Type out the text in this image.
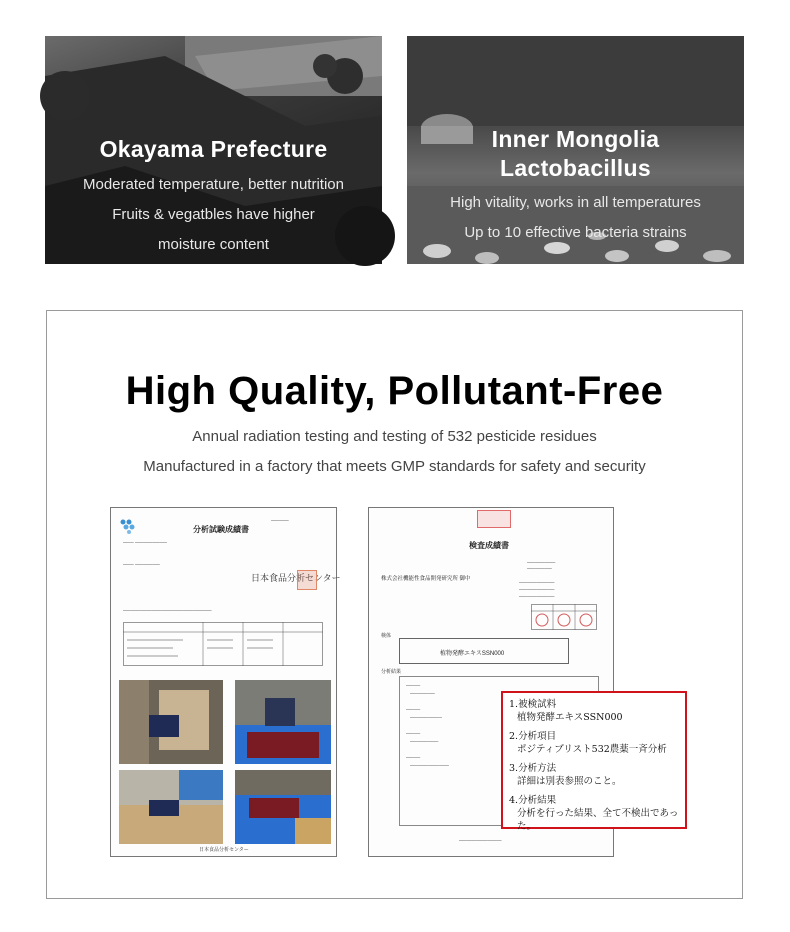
Okayama Prefecture

Moderated temperature, better nutrition

Fruits & vegatbles have higher

moisture content

Inner Mongolia
Lactobacillus

High vitality, works in all temperatures

Up to 10 effective bacteria strains

High Quality, Pollutant-Free

Annual radiation testing and testing of 532 pesticide residues

Manufactured in a factory that meets GMP standards for safety and security

分析試験成績書
─────
─── ─────────
─── ───────
日本食品分析センター
─────────────────────────
日本食品分析センター
検査成績書
────────
───────
株式会社機能性食品開発研究所 御中
──────────
──────────
──────────
検体
植物発酵エキスSSN000
分析結果
────
───────
────
─────────
────
────────
────
───────────
1.被検試料
植物発酵エキスSSN000
2.分析項目
ポジティブリスト532農薬一斉分析
3.分析方法
詳細は別表参照のこと。
4.分析結果
分析を行った結果、全て不検出であった。
────────────
